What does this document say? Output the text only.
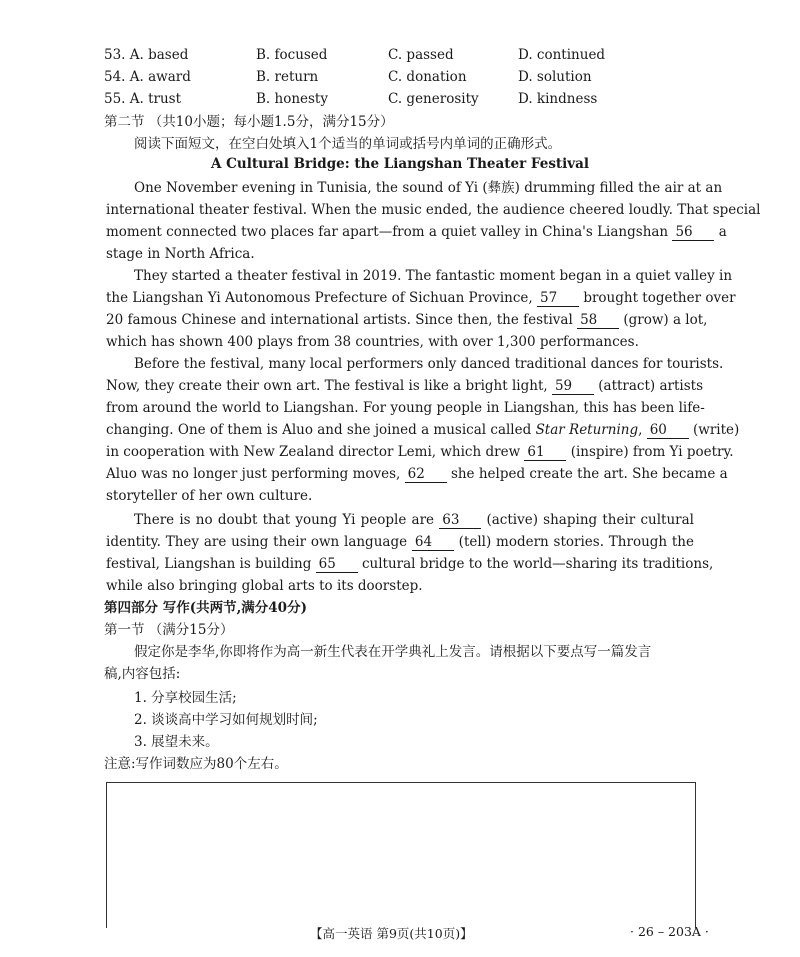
53. A. based	B. focused	C. passed	D. continued
54. A. award	B. return	C. donation	D. solution
55. A. trust	B. honesty	C. generosity	D. kindness
第二节 （共10小题；每小题1.5分，满分15分）
阅读下面短文，在空白处填入1个适当的单词或括号内单词的正确形式。
A Cultural Bridge: the Liangshan Theater Festival
One November evening in Tunisia, the sound of Yi (彝族) drumming filled the air at an
international theater festival. When the music ended, the audience cheered loudly. That special
moment connected two places far apart—from a quiet valley in China's Liangshan 56 a
stage in North Africa.
They started a theater festival in 2019. The fantastic moment began in a quiet valley in
the Liangshan Yi Autonomous Prefecture of Sichuan Province, 57 brought together over
20 famous Chinese and international artists. Since then, the festival 58 (grow) a lot,
which has shown 400 plays from 38 countries, with over 1,300 performances.
Before the festival, many local performers only danced traditional dances for tourists.
Now, they create their own art. The festival is like a bright light, 59 (attract) artists
from around the world to Liangshan. For young people in Liangshan, this has been life-
changing. One of them is Aluo and she joined a musical called Star Returning, 60 (write)
in cooperation with New Zealand director Lemi, which drew 61 (inspire) from Yi poetry.
Aluo was no longer just performing moves, 62 she helped create the art. She became a
storyteller of her own culture.
There is no doubt that young Yi people are 63 (active) shaping their cultural
identity. They are using their own language 64 (tell) modern stories. Through the
festival, Liangshan is building 65 cultural bridge to the world—sharing its traditions,
while also bringing global arts to its doorstep.
第四部分 写作(共两节,满分40分)
第一节 （满分15分）
假定你是李华,你即将作为高一新生代表在开学典礼上发言。请根据以下要点写一篇发言
稿,内容包括:
1. 分享校园生活;
2. 谈谈高中学习如何规划时间;
3. 展望未来。
注意:写作词数应为80个左右。
【高一英语 第9页(共10页)】	· 26 – 203A ·
